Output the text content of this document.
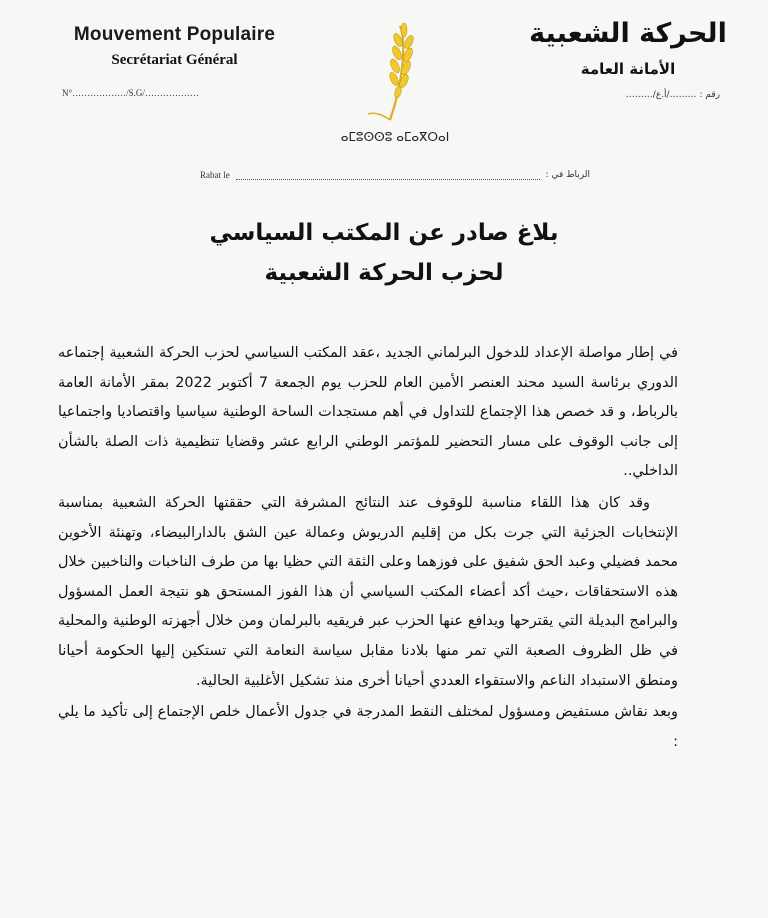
Mouvement Populaire
Secrétariat Général
N°………………/S.G/………………
الحركة الشعبية
الأمانة العامة
رقم : ………/أ.ع/………
ⴰⵎⵓⵙⵙⵓ ⴰⵎⴰⴳⵔⴰⵏ
Rabat le	الرباط في :
بلاغ صادر عن المكتب السياسي
لحزب الحركة الشعبية

في إطار مواصلة الإعداد للدخول البرلماني الجديد ،عقد المكتب السياسي لحزب الحركة الشعبية إجتماعه الدوري برئاسة السيد محند العنصر الأمين العام للحزب يوم الجمعة 7 أكتوبر 2022 بمقر الأمانة العامة بالرباط، و قد خصص هذا الإجتماع للتداول في أهم مستجدات الساحة الوطنية سياسيا واقتصاديا واجتماعيا إلى جانب الوقوف على مسار التحضير للمؤتمر الوطني الرابع عشر وقضايا تنظيمية ذات الصلة بالشأن الداخلي..

وقد كان هذا اللقاء مناسبة للوقوف عند النتائج المشرفة التي حققتها الحركة الشعبية بمناسبة الإنتخابات الجزئية التي جرت بكل من إقليم الدريوش وعمالة عين الشق بالدارالبيضاء، وتهنئة الأخوين محمد فضيلي وعبد الحق شفيق على فوزهما وعلى الثقة التي حظيا بها من طرف الناخبات والناخبين خلال هذه الاستحقاقات ،حيث أكد أعضاء المكتب السياسي أن هذا الفوز المستحق هو نتيجة العمل المسؤول والبرامج البديلة التي يقترحها ويدافع عنها الحزب عبر فريقيه بالبرلمان ومن خلال أجهزته الوطنية والمحلية في ظل الظروف الصعبة التي تمر منها بلادنا مقابل سياسة النعامة التي تستكين إليها الحكومة أحيانا ومنطق الاستبداد الناعم والاستقواء العددي أحيانا أخرى منذ تشكيل الأغلبية الحالية.

وبعد نقاش مستفيض ومسؤول لمختلف النقط المدرجة في جدول الأعمال خلص الإجتماع إلى تأكيد ما يلي :
